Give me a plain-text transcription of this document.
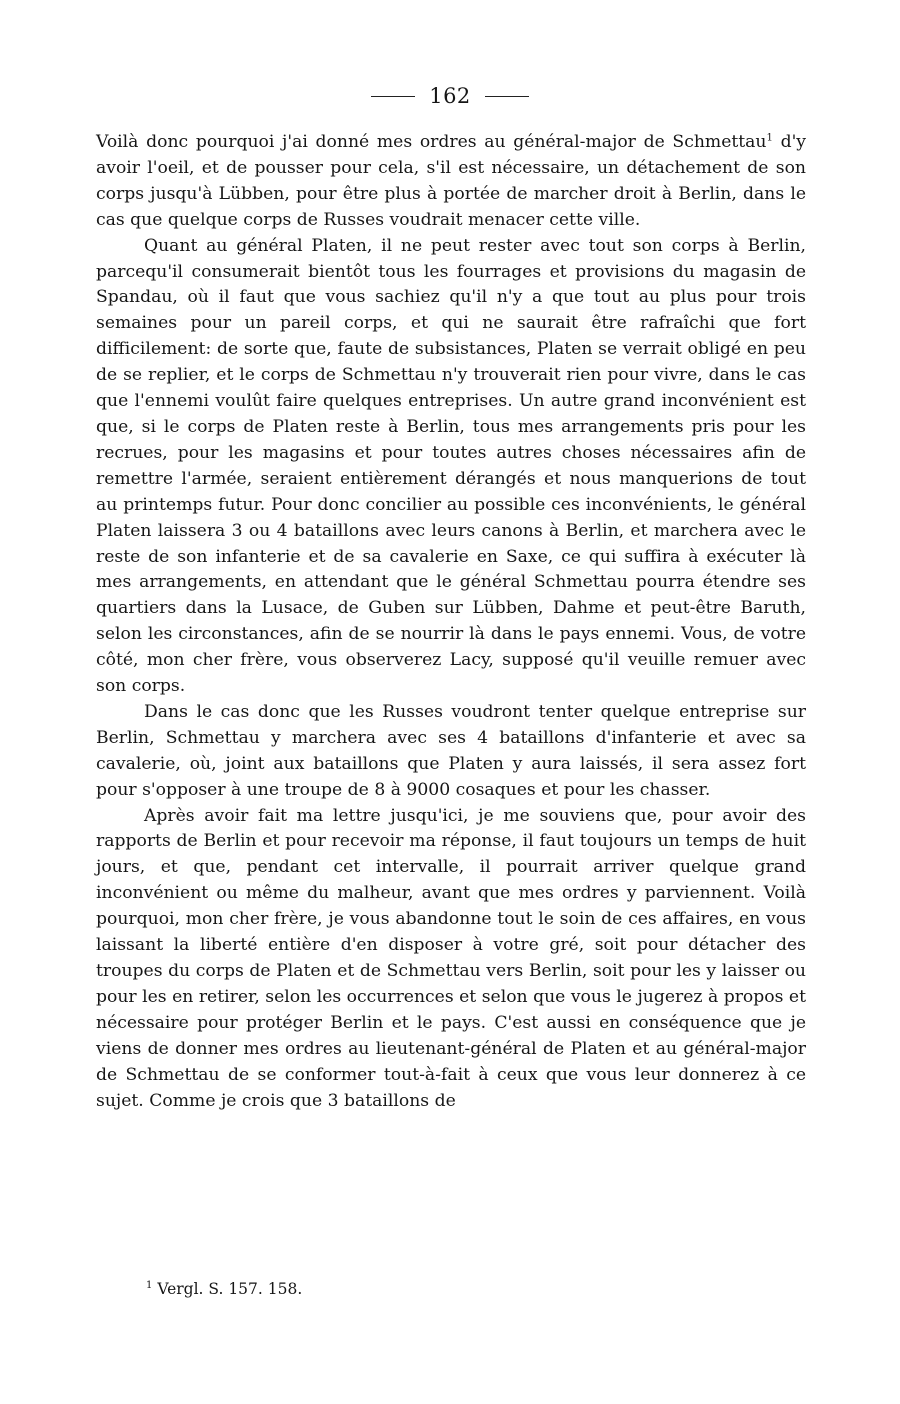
162

Voilà donc pourquoi j'ai donné mes ordres au général-major de Schmettau$^1$ d'y avoir l'oeil, et de pousser pour cela, s'il est nécessaire, un détachement de son corps jusqu'à Lübben, pour être plus à portée de marcher droit à Berlin, dans le cas que quelque corps de Russes voudrait menacer cette ville.

Quant au général Platen, il ne peut rester avec tout son corps à Berlin, parcequ'il consumerait bientôt tous les fourrages et provisions du magasin de Spandau, où il faut que vous sachiez qu'il n'y a que tout au plus pour trois semaines pour un pareil corps, et qui ne saurait être rafraîchi que fort difficilement: de sorte que, faute de subsistances, Platen se verrait obligé en peu de se replier, et le corps de Schmettau n'y trouverait rien pour vivre, dans le cas que l'ennemi voulût faire quelques entreprises. Un autre grand inconvénient est que, si le corps de Platen reste à Berlin, tous mes arrangements pris pour les recrues, pour les magasins et pour toutes autres choses nécessaires afin de remettre l'armée, seraient entièrement dérangés et nous manquerions de tout au printemps futur. Pour donc concilier au possible ces inconvénients, le général Platen laissera 3 ou 4 bataillons avec leurs canons à Berlin, et marchera avec le reste de son infanterie et de sa cavalerie en Saxe, ce qui suffira à exécuter là mes arrangements, en attendant que le général Schmettau pourra étendre ses quartiers dans la Lusace, de Guben sur Lübben, Dahme et peut-être Baruth, selon les circonstances, afin de se nourrir là dans le pays ennemi. Vous, de votre côté, mon cher frère, vous observerez Lacy, supposé qu'il veuille remuer avec son corps.

Dans le cas donc que les Russes voudront tenter quelque entreprise sur Berlin, Schmettau y marchera avec ses 4 bataillons d'infanterie et avec sa cavalerie, où, joint aux bataillons que Platen y aura laissés, il sera assez fort pour s'opposer à une troupe de 8 à 9000 cosaques et pour les chasser.

Après avoir fait ma lettre jusqu'ici, je me souviens que, pour avoir des rapports de Berlin et pour recevoir ma réponse, il faut toujours un temps de huit jours, et que, pendant cet intervalle, il pourrait arriver quelque grand inconvénient ou même du malheur, avant que mes ordres y parviennent. Voilà pourquoi, mon cher frère, je vous abandonne tout le soin de ces affaires, en vous laissant la liberté entière d'en disposer à votre gré, soit pour détacher des troupes du corps de Platen et de Schmettau vers Berlin, soit pour les y laisser ou pour les en retirer, selon les occurrences et selon que vous le jugerez à propos et nécessaire pour protéger Berlin et le pays. C'est aussi en conséquence que je viens de donner mes ordres au lieutenant-général de Platen et au général-major de Schmettau de se conformer tout-à-fait à ceux que vous leur donnerez à ce sujet. Comme je crois que 3 bataillons de

$^1$ Vergl. S. 157. 158.
